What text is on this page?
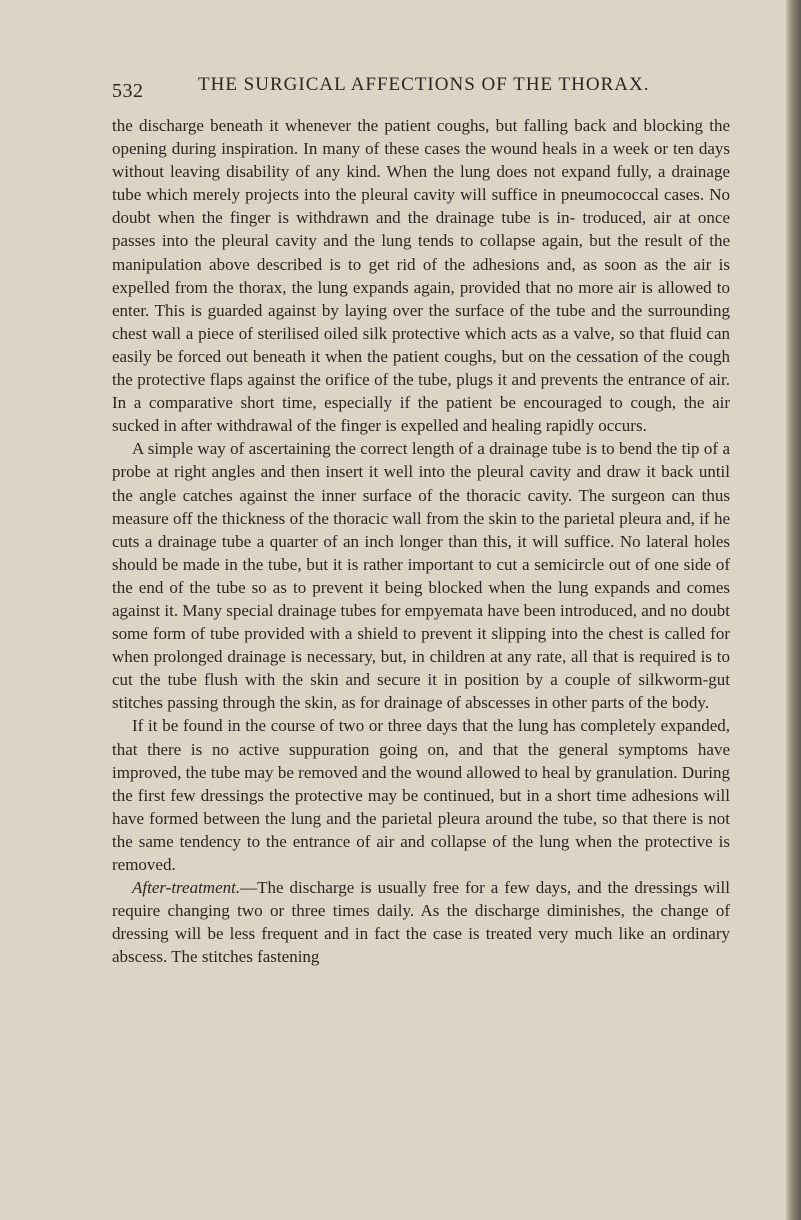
532	THE SURGICAL AFFECTIONS OF THE THORAX.

the discharge beneath it whenever the patient coughs, but falling back and blocking the opening during inspiration. In many of these cases the wound heals in a week or ten days without leaving disability of any kind. When the lung does not expand fully, a drainage tube which merely projects into the pleural cavity will suffice in pneumococcal cases. No doubt when the finger is withdrawn and the drainage tube is in- troduced, air at once passes into the pleural cavity and the lung tends to collapse again, but the result of the manipulation above described is to get rid of the adhesions and, as soon as the air is expelled from the thorax, the lung expands again, provided that no more air is allowed to enter. This is guarded against by laying over the surface of the tube and the surrounding chest wall a piece of sterilised oiled silk protective which acts as a valve, so that fluid can easily be forced out beneath it when the patient coughs, but on the cessation of the cough the protective flaps against the orifice of the tube, plugs it and prevents the entrance of air. In a comparative short time, especially if the patient be encouraged to cough, the air sucked in after withdrawal of the finger is expelled and healing rapidly occurs.

A simple way of ascertaining the correct length of a drainage tube is to bend the tip of a probe at right angles and then insert it well into the pleural cavity and draw it back until the angle catches against the inner surface of the thoracic cavity. The surgeon can thus measure off the thickness of the thoracic wall from the skin to the parietal pleura and, if he cuts a drainage tube a quarter of an inch longer than this, it will suffice. No lateral holes should be made in the tube, but it is rather important to cut a semicircle out of one side of the end of the tube so as to prevent it being blocked when the lung expands and comes against it. Many special drainage tubes for empyemata have been introduced, and no doubt some form of tube provided with a shield to prevent it slipping into the chest is called for when prolonged drainage is necessary, but, in children at any rate, all that is required is to cut the tube flush with the skin and secure it in position by a couple of silkworm-gut stitches passing through the skin, as for drainage of abscesses in other parts of the body.

If it be found in the course of two or three days that the lung has completely expanded, that there is no active suppuration going on, and that the general symptoms have improved, the tube may be removed and the wound allowed to heal by granulation. During the first few dressings the protective may be continued, but in a short time adhesions will have formed between the lung and the parietal pleura around the tube, so that there is not the same tendency to the entrance of air and collapse of the lung when the protective is removed.

After-treatment.—The discharge is usually free for a few days, and the dressings will require changing two or three times daily. As the discharge diminishes, the change of dressing will be less frequent and in fact the case is treated very much like an ordinary abscess. The stitches fastening
